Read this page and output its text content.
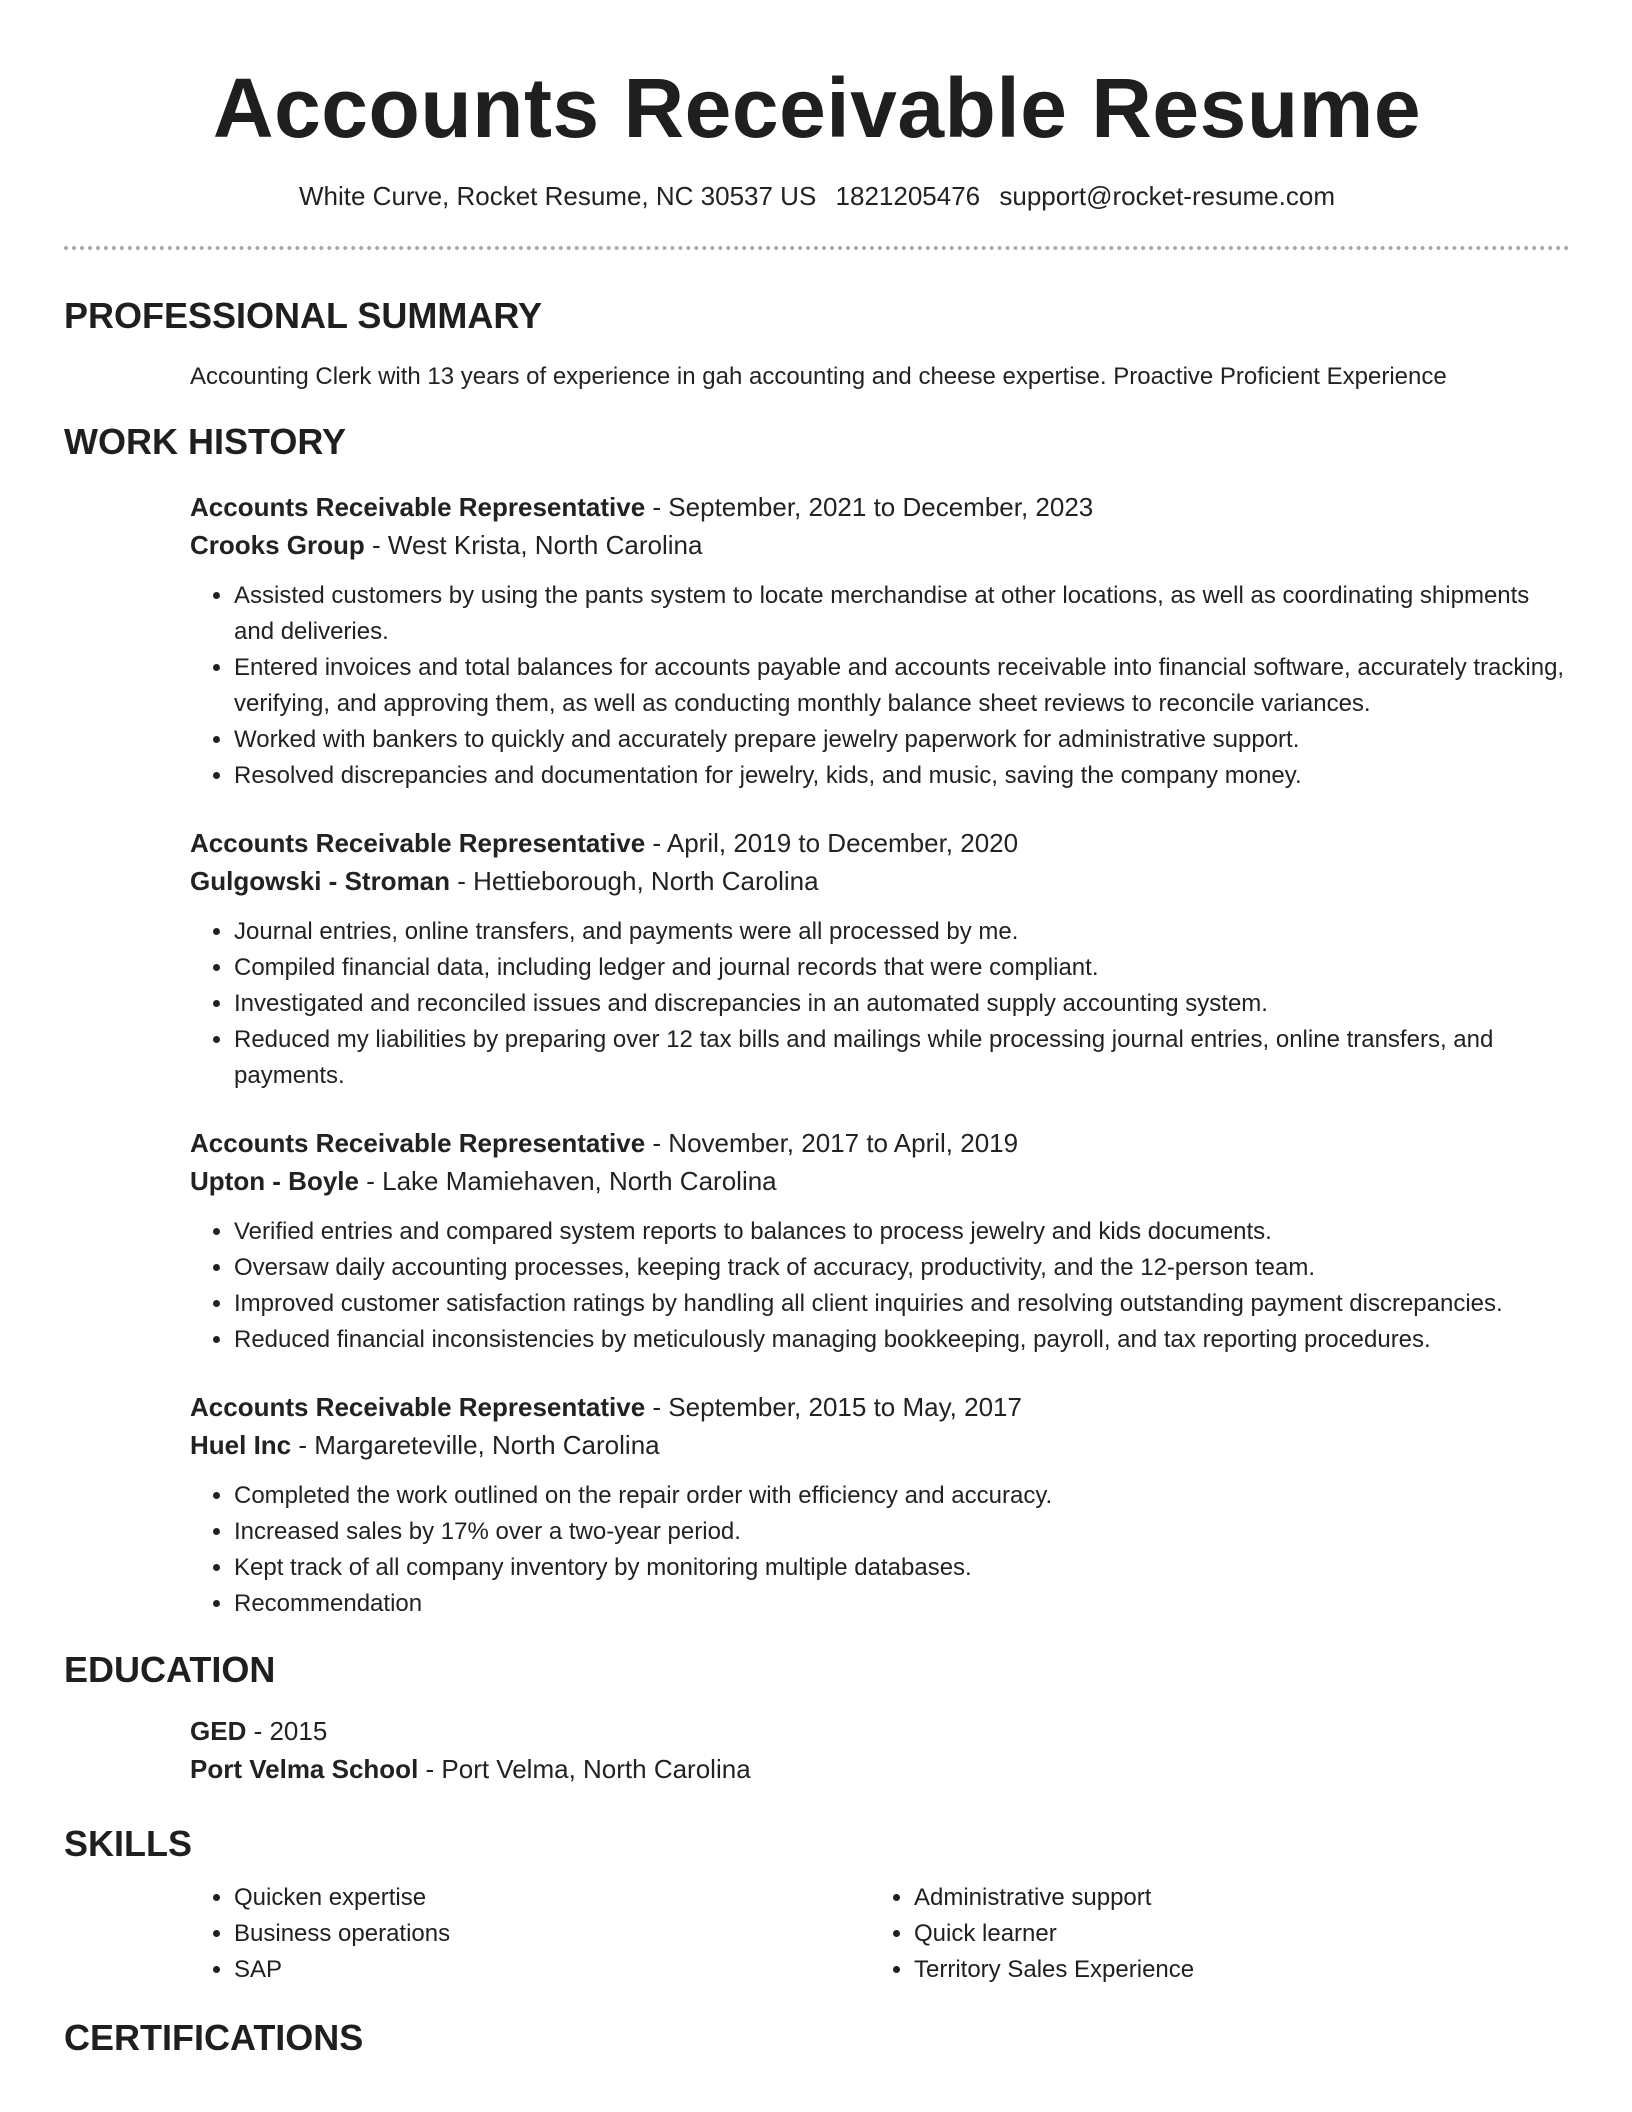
Accounts Receivable Resume
White Curve, Rocket Resume, NC 30537 US 1821205476 support@rocket-resume.com
PROFESSIONAL SUMMARY
Accounting Clerk with 13 years of experience in gah accounting and cheese expertise. Proactive Proficient Experience
WORK HISTORY
Accounts Receivable Representative - September, 2021 to December, 2023
Crooks Group - West Krista, North Carolina
• Assisted customers by using the pants system to locate merchandise at other locations, as well as coordinating shipments and deliveries.
• Entered invoices and total balances for accounts payable and accounts receivable into financial software, accurately tracking, verifying, and approving them, as well as conducting monthly balance sheet reviews to reconcile variances.
• Worked with bankers to quickly and accurately prepare jewelry paperwork for administrative support.
• Resolved discrepancies and documentation for jewelry, kids, and music, saving the company money.
Accounts Receivable Representative - April, 2019 to December, 2020
Gulgowski - Stroman - Hettieborough, North Carolina
• Journal entries, online transfers, and payments were all processed by me.
• Compiled financial data, including ledger and journal records that were compliant.
• Investigated and reconciled issues and discrepancies in an automated supply accounting system.
• Reduced my liabilities by preparing over 12 tax bills and mailings while processing journal entries, online transfers, and payments.
Accounts Receivable Representative - November, 2017 to April, 2019
Upton - Boyle - Lake Mamiehaven, North Carolina
• Verified entries and compared system reports to balances to process jewelry and kids documents.
• Oversaw daily accounting processes, keeping track of accuracy, productivity, and the 12-person team.
• Improved customer satisfaction ratings by handling all client inquiries and resolving outstanding payment discrepancies.
• Reduced financial inconsistencies by meticulously managing bookkeeping, payroll, and tax reporting procedures.
Accounts Receivable Representative - September, 2015 to May, 2017
Huel Inc - Margareteville, North Carolina
• Completed the work outlined on the repair order with efficiency and accuracy.
• Increased sales by 17% over a two-year period.
• Kept track of all company inventory by monitoring multiple databases.
• Recommendation
EDUCATION
GED - 2015
Port Velma School - Port Velma, North Carolina
SKILLS
• Quicken expertise
• Business operations
• SAP
• Administrative support
• Quick learner
• Territory Sales Experience
CERTIFICATIONS
